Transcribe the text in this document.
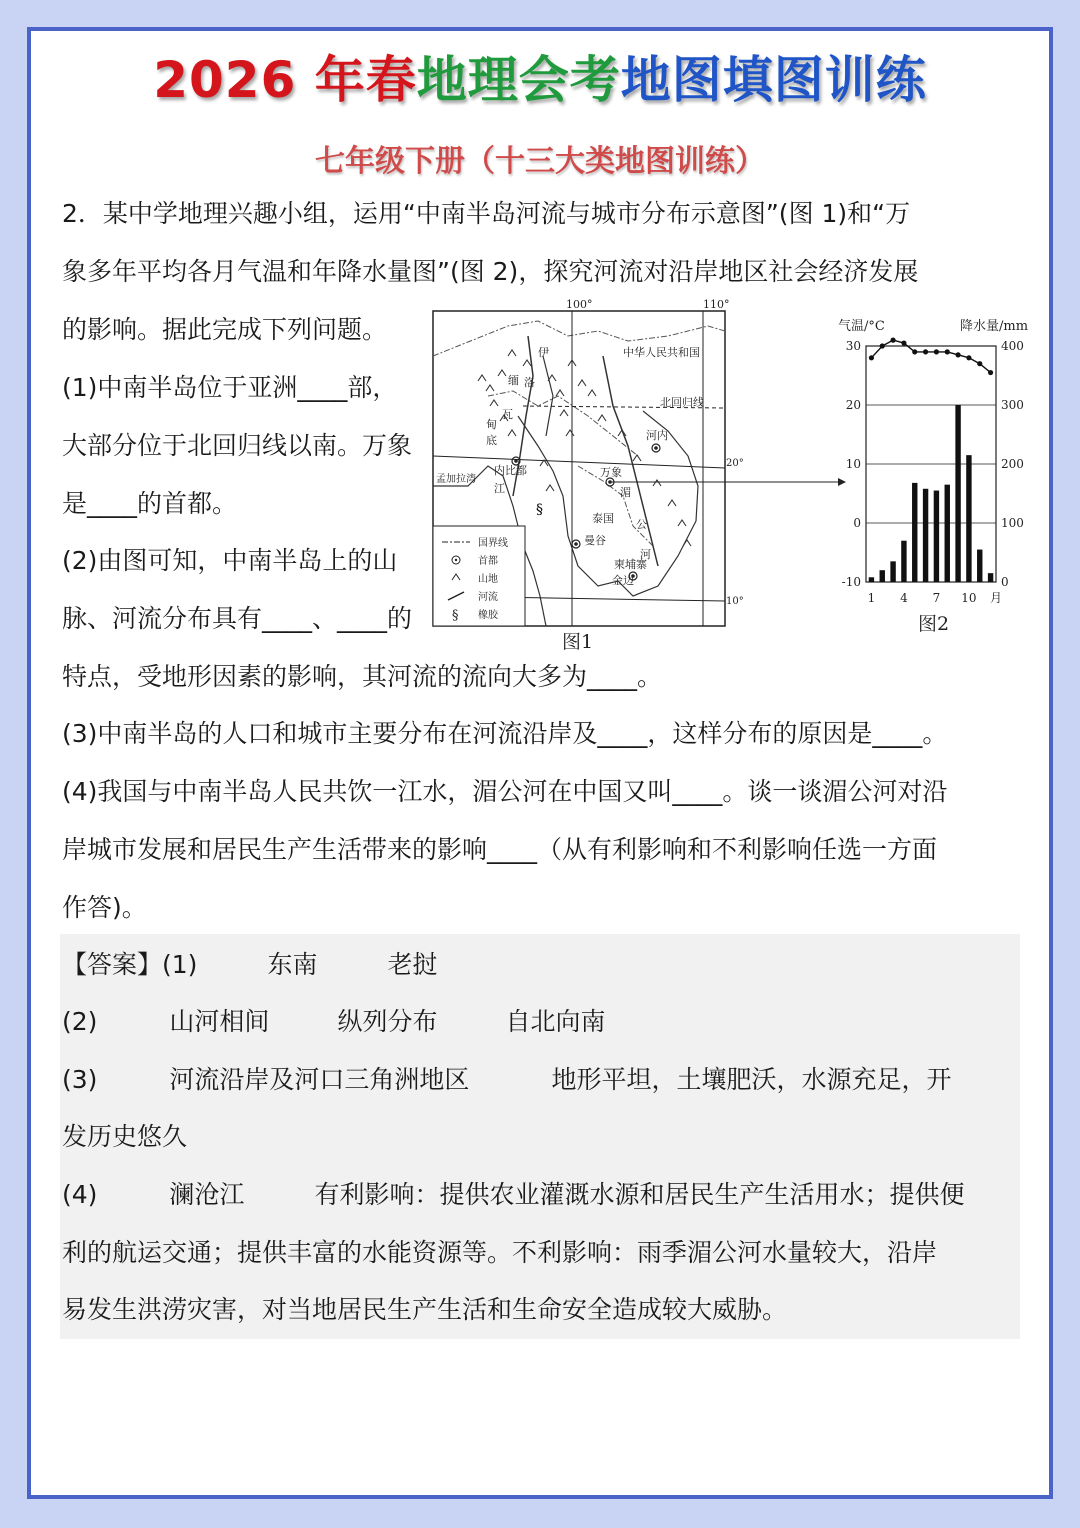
2026 年春地理会考地图填图训练
七年级下册（十三大类地图训练）
2．某中学地理兴趣小组，运用“中南半岛河流与城市分布示意图”(图 1)和“万
象多年平均各月气温和年降水量图”(图 2)，探究河流对沿岸地区社会经济发展
的影响。据此完成下列问题。
(1)中南半岛位于亚洲____部，
大部分位于北回归线以南。万象
是____的首都。
(2)由图可知，中南半岛上的山
脉、河流分布具有____、____的
特点，受地形因素的影响，其河流的流向大多为____。
(3)中南半岛的人口和城市主要分布在河流沿岸及____，这样分布的原因是____。
(4)我国与中南半岛人民共饮一江水，湄公河在中国又叫____。谈一谈湄公河对沿
岸城市发展和居民生产生活带来的影响____（从有利影响和不利影响任选一方面
作答)。
§
100°	110°
20°
10°
中华人民共和国
北回归线
伊
洛
瓦
底
江
缅
甸
河内
内比都	万象
孟加拉湾
泰国
湄
公
河
曼谷
柬埔寨
金边
国界线
首都
山地
河流
§ 橡胶
图1
气温/°C	降水量/mm
30
20
10
0
-10
400
300
200
100
0
1 4 7 10 月
图2
【答案】(1)	东南	老挝
(2)	山河相间	纵列分布	自北向南
(3)	河流沿岸及河口三角洲地区	地形平坦，土壤肥沃，水源充足，开
发历史悠久
(4)	澜沧江	有利影响：提供农业灌溉水源和居民生产生活用水；提供便
利的航运交通；提供丰富的水能资源等。不利影响：雨季湄公河水量较大，沿岸
易发生洪涝灾害，对当地居民生产生活和生命安全造成较大威胁。
